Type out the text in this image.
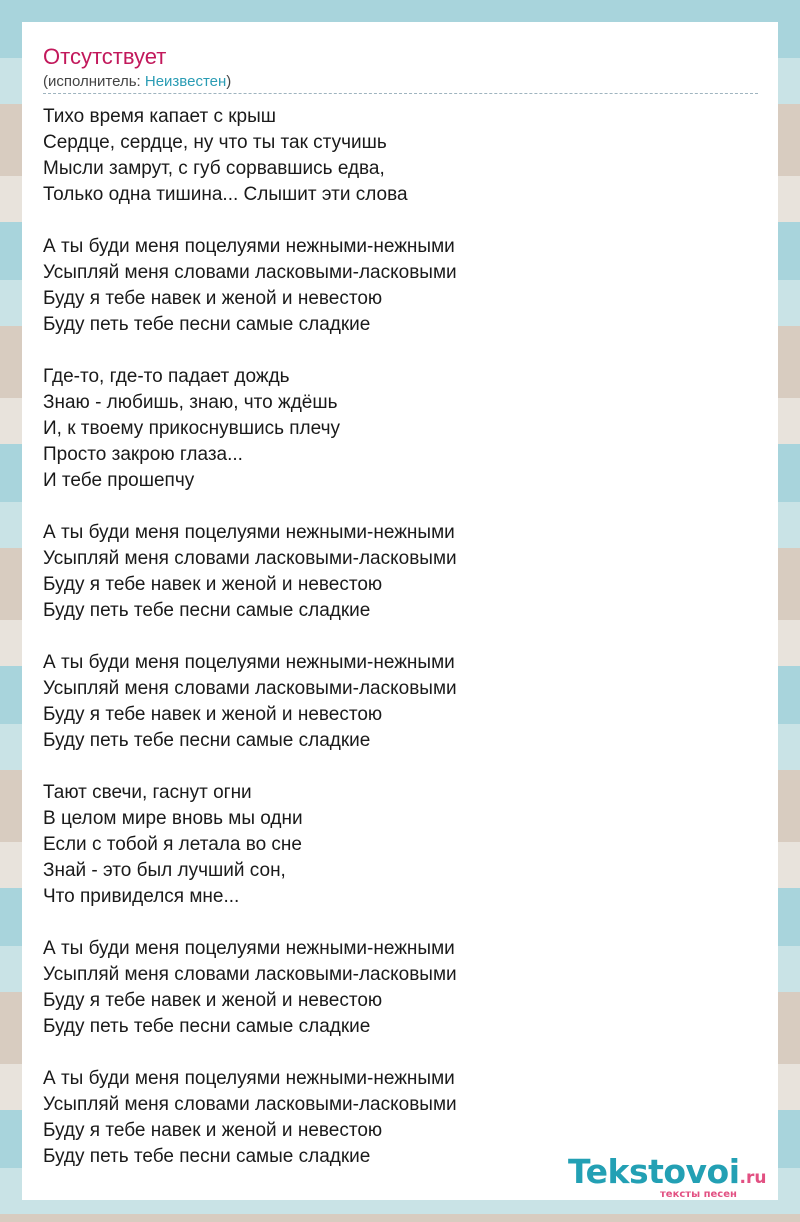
Отсутствует
(исполнитель: Неизвестен)
Тихо время капает с крыш
Сердце, сердце, ну что ты так стучишь
Мысли замрут, с губ сорвавшись едва,
Только одна тишина... Слышит эти слова
А ты буди меня поцелуями нежными-нежными
Усыпляй меня словами ласковыми-ласковыми
Буду я тебе навек и женой и невестою
Буду петь тебе песни самые сладкие
Где-то, где-то падает дождь
Знаю - любишь, знаю, что ждёшь
И, к твоему прикоснувшись плечу
Просто закрою глаза...
И тебе прошепчу
А ты буди меня поцелуями нежными-нежными
Усыпляй меня словами ласковыми-ласковыми
Буду я тебе навек и женой и невестою
Буду петь тебе песни самые сладкие
А ты буди меня поцелуями нежными-нежными
Усыпляй меня словами ласковыми-ласковыми
Буду я тебе навек и женой и невестою
Буду петь тебе песни самые сладкие
Тают свечи, гаснут огни
В целом мире вновь мы одни
Если с тобой я летала во сне
Знай - это был лучший сон,
Что привиделся мне...
А ты буди меня поцелуями нежными-нежными
Усыпляй меня словами ласковыми-ласковыми
Буду я тебе навек и женой и невестою
Буду петь тебе песни самые сладкие
А ты буди меня поцелуями нежными-нежными
Усыпляй меня словами ласковыми-ласковыми
Буду я тебе навек и женой и невестою
Буду петь тебе песни самые сладкие	Tekstovoi.ru
тексты песен
